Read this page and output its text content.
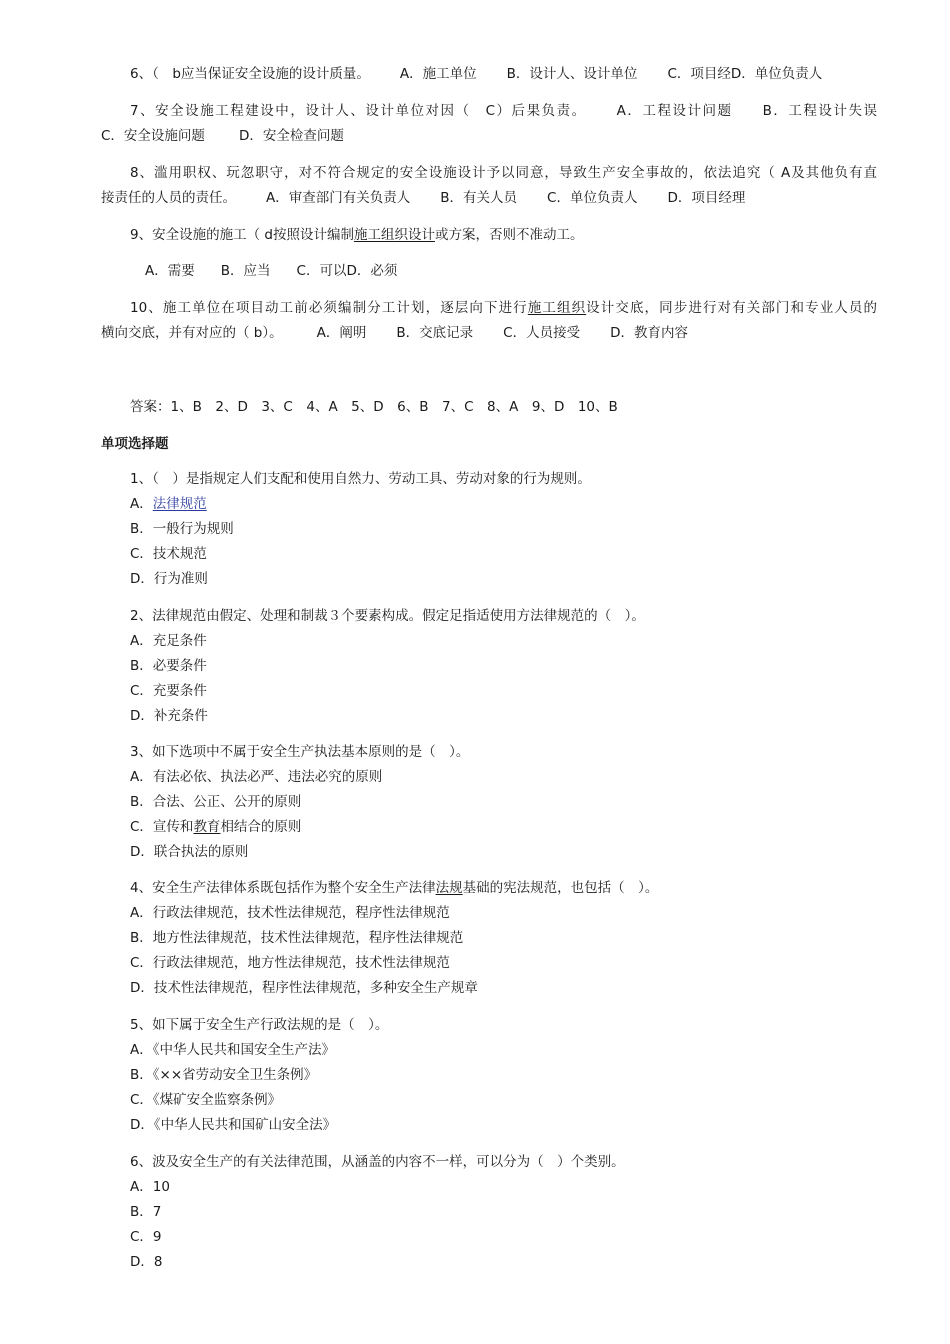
6、（　b应当保证安全设施的设计质量。 A．施工单位 B．设计人、设计单位 C．项目经D．单位负责人
7、安全设施工程建设中，设计人、设计单位对因（　C）后果负责。 A．工程设计问题 B．工程设计失误
C．安全设施问题	D．安全检查问题
8、滥用职权、玩忽职守，对不符合规定的安全设施设计予以同意，导致生产安全事故的，依法追究（ A及其他负有直
接责任的人员的责任。 A．审查部门有关负责人 B．有关人员 C．单位负责人 D．项目经理
9、安全设施的施工（ d按照设计编制施工组织设计或方案，否则不准动工。
A．需要 B．应当 C．可以D．必须
10、施工单位在项目动工前必须编制分工计划，逐层向下进行施工组织设计交底，同步进行对有关部门和专业人员的
横向交底，并有对应的（ b）。	A．阐明 B．交底记录 C．人员接受 D．教育内容
答案：1、B　2、D　3、C　4、A　5、D　6、B　7、C　8、A　9、D　10、B
单项选择题
1、（　）是指规定人们支配和使用自然力、劳动工具、劳动对象的行为规则。
A．法律规范
B．一般行为规则
C．技术规范
D．行为准则
2、法律规范由假定、处理和制裁３个要素构成。假定足指适使用方法律规范的（　）。
A．充足条件
B．必要条件
C．充要条件
D．补充条件
3、如下选项中不属于安全生产执法基本原则的是（　）。
A．有法必依、执法必严、违法必究的原则
B．合法、公正、公开的原则
C．宣传和教育相结合的原则
D．联合执法的原则
4、安全生产法律体系既包括作为整个安全生产法律法规基础的宪法规范，也包括（　）。
A．行政法律规范，技术性法律规范，程序性法律规范
B．地方性法律规范，技术性法律规范，程序性法律规范
C．行政法律规范，地方性法律规范，技术性法律规范
D．技术性法律规范，程序性法律规范，多种安全生产规章
5、如下属于安全生产行政法规的是（　）。
A．《中华人民共和国安全生产法》
B．《××省劳动安全卫生条例》
C．《煤矿安全监察条例》
D．《中华人民共和国矿山安全法》
6、波及安全生产的有关法律范围，从涵盖的内容不一样，可以分为（　）个类别。
A．10
B．7
C．9
D．8
